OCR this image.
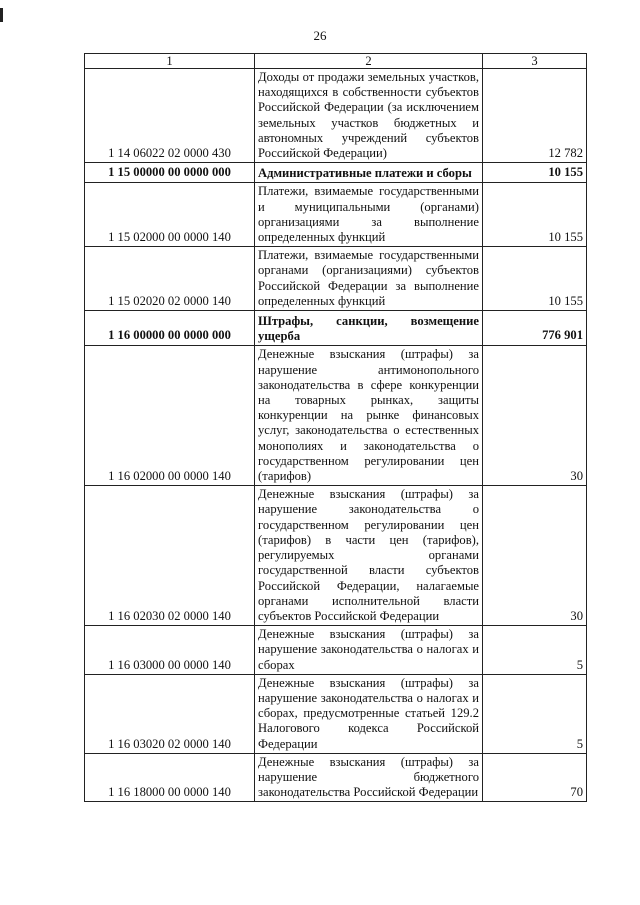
26
1	2	3
1 14 06022 02 0000 430	Доходы от продажи земельных участков, находящихся в собственности субъектов Российской Федерации (за исключением земельных участков бюджетных и автономных учреждений субъектов Российской Федерации)	12 782
1 15 00000 00 0000 000	Административные платежи и сборы	10 155
1 15 02000 00 0000 140	Платежи, взимаемые государственными и муниципальными (органами) организациями за выполнение определенных функций	10 155
1 15 02020 02 0000 140	Платежи, взимаемые государственными органами (организациями) субъектов Российской Федерации за выполнение определенных функций	10 155
1 16 00000 00 0000 000	Штрафы, санкции, возмещение ущерба	776 901
1 16 02000 00 0000 140	Денежные взыскания (штрафы) за нарушение антимонопольного законодательства в сфере конкуренции на товарных рынках, защиты конкуренции на рынке финансовых услуг, законодательства о естественных монополиях и законодательства о государственном регулировании цен (тарифов)	30
1 16 02030 02 0000 140	Денежные взыскания (штрафы) за нарушение законодательства о государственном регулировании цен (тарифов) в части цен (тарифов), регулируемых органами государственной власти субъектов Российской Федерации, налагаемые органами исполнительной власти субъектов Российской Федерации	30
1 16 03000 00 0000 140	Денежные взыскания (штрафы) за нарушение законодательства о налогах и сборах	5
1 16 03020 02 0000 140	Денежные взыскания (штрафы) за нарушение законодательства о налогах и сборах, предусмотренные статьей 129.2 Налогового кодекса Российской Федерации	5
1 16 18000 00 0000 140	Денежные взыскания (штрафы) за нарушение бюджетного законодательства Российской Федерации	70
